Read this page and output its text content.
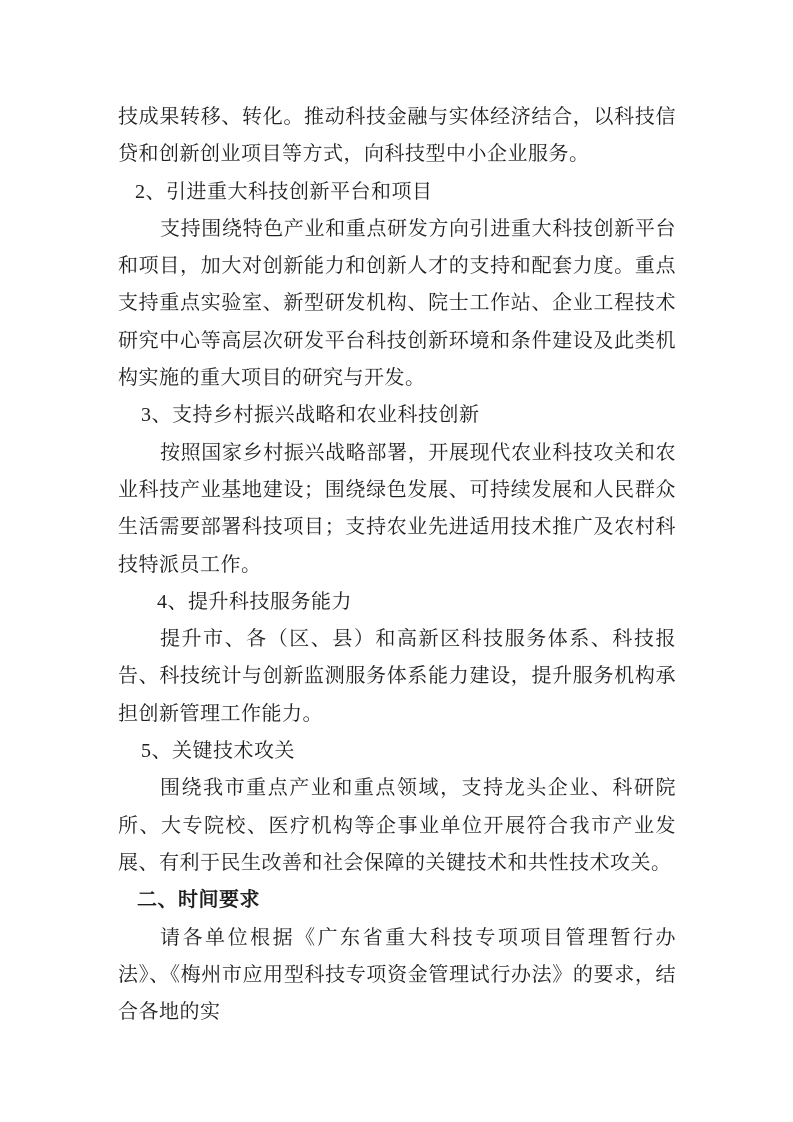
技成果转移、转化。推动科技金融与实体经济结合，以科技信贷和创新创业项目等方式，向科技型中小企业服务。

2、引进重大科技创新平台和项目

支持围绕特色产业和重点研发方向引进重大科技创新平台和项目，加大对创新能力和创新人才的支持和配套力度。重点支持重点实验室、新型研发机构、院士工作站、企业工程技术研究中心等高层次研发平台科技创新环境和条件建设及此类机构实施的重大项目的研究与开发。

3、支持乡村振兴战略和农业科技创新

按照国家乡村振兴战略部署，开展现代农业科技攻关和农业科技产业基地建设；围绕绿色发展、可持续发展和人民群众生活需要部署科技项目；支持农业先进适用技术推广及农村科技特派员工作。

4、提升科技服务能力

提升市、各（区、县）和高新区科技服务体系、科技报告、科技统计与创新监测服务体系能力建设，提升服务机构承担创新管理工作能力。

5、关键技术攻关

围绕我市重点产业和重点领域，支持龙头企业、科研院所、大专院校、医疗机构等企事业单位开展符合我市产业发展、有利于民生改善和社会保障的关键技术和共性技术攻关。

二、时间要求

请各单位根据《广东省重大科技专项项目管理暂行办法》、《梅州市应用型科技专项资金管理试行办法》的要求，结合各地的实
